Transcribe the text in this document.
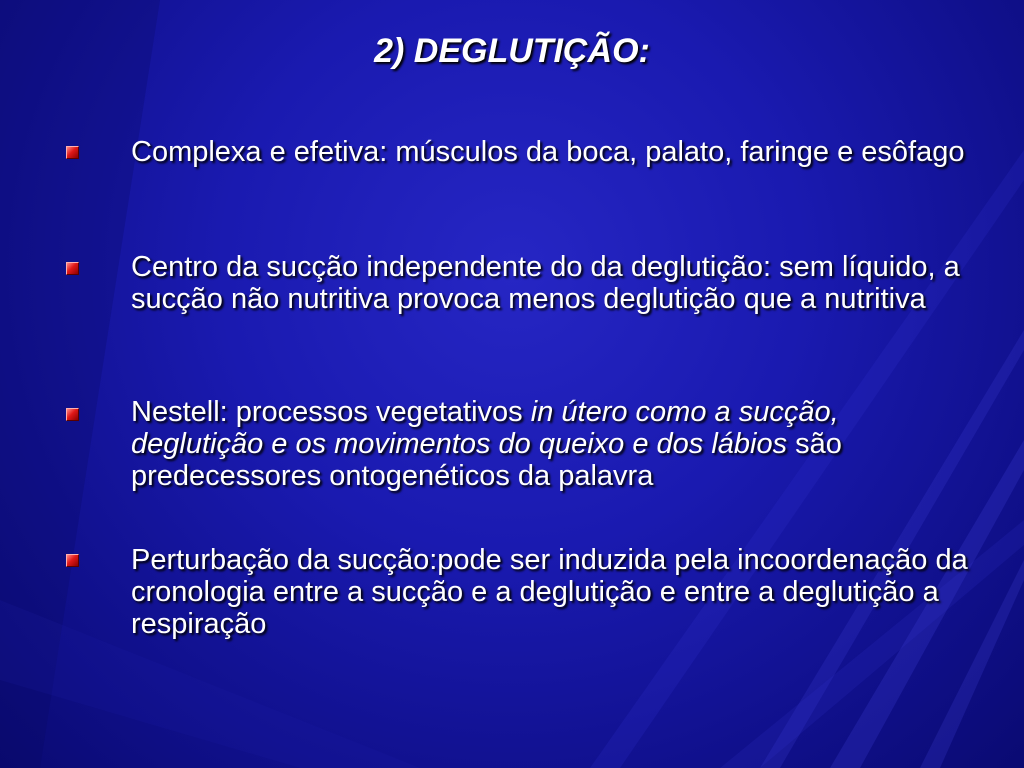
2) DEGLUTIÇÃO:

Complexa e efetiva: músculos da boca, palato, faringe e esôfago

Centro da sucção independente do da deglutição: sem líquido, a sucção não nutritiva provoca menos deglutição que a nutritiva

Nestell: processos vegetativos in útero como a sucção, deglutição e os movimentos do queixo e dos lábios são predecessores ontogenéticos da palavra

Perturbação da sucção:pode ser induzida pela incoordenação da cronologia entre a sucção e a deglutição e entre a deglutição a respiração
